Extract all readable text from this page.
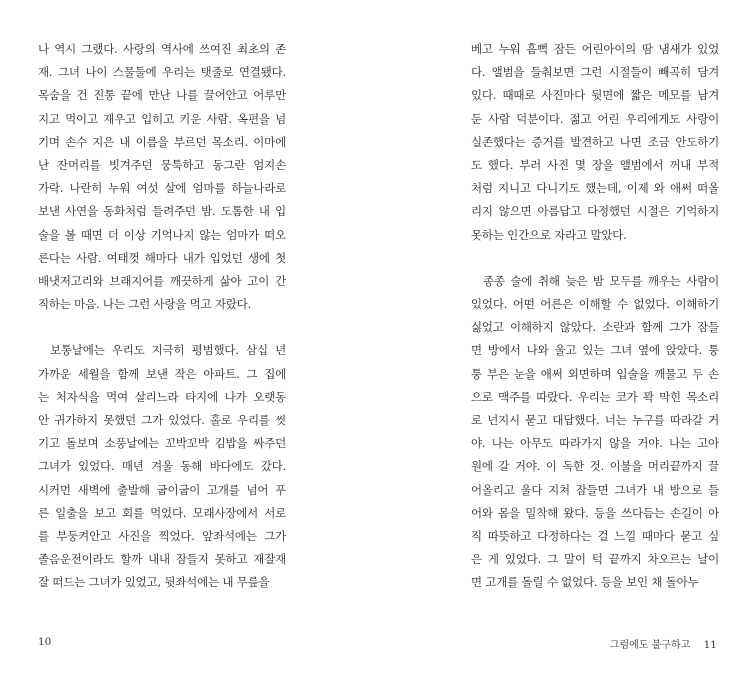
나 역시 그랬다. 사랑의 역사에 쓰여진 최초의 존
재. 그녀 나이 스물둘에 우리는 탯줄로 연결됐다.
목숨을 건 진통 끝에 만난 나를 끌어안고 어루만
지고 먹이고 재우고 입히고 키운 사람. 옥편을 넘
기며 손수 지은 내 이름을 부르던 목소리. 이마에
난 잔머리를 빗겨주던 뭉툭하고 동그란 엄지손
가락. 나란히 누워 여섯 살에 엄마를 하늘나라로
보낸 사연을 동화처럼 들려주던 밤. 도톰한 내 입
술을 볼 때면 더 이상 기억나지 않는 엄마가 떠오
른다는 사람. 여태껏 해마다 내가 입었던 생에 첫
배냇저고리와 브래지어를 깨끗하게 삶아 고이 간
직하는 마음. 나는 그런 사랑을 먹고 자랐다.
보통날에는 우리도 지극히 평범했다. 삼십 년
가까운 세월을 함께 보낸 작은 아파트. 그 집에
는 처자식을 먹여 살리느라 타지에 나가 오랫동
안 귀가하지 못했던 그가 있었다. 홀로 우리를 씻
기고 돌보며 소풍날에는 꼬박꼬박 김밥을 싸주던
그녀가 있었다. 매년 겨울 동해 바다에도 갔다.
시커먼 새벽에 출발해 굽이굽이 고개를 넘어 푸
른 일출을 보고 회를 먹었다. 모래사장에서 서로
를 부둥켜안고 사진을 찍었다. 앞좌석에는 그가
졸음운전이라도 할까 내내 잠들지 못하고 재잘재
잘 떠드는 그녀가 있었고, 뒷좌석에는 내 무릎을
10
베고 누워 흠뻑 잠든 어린아이의 땀 냄새가 있었
다. 앨범을 들춰보면 그런 시절들이 빼곡히 담겨
있다. 때때로 사진마다 뒷면에 짧은 메모를 남겨
둔 사람 덕분이다. 젊고 어린 우리에게도 사랑이
실존했다는 증거를 발견하고 나면 조금 안도하기
도 했다. 부러 사진 몇 장을 앨범에서 꺼내 부적
처럼 지니고 다니기도 했는데, 이제 와 애써 떠올
리지 않으면 아름답고 다정했던 시절은 기억하지
못하는 인간으로 자라고 말았다.
종종 술에 취해 늦은 밤 모두를 깨우는 사람이
있었다. 어떤 어른은 이해할 수 없었다. 이해하기
싫었고 이해하지 않았다. 소란과 함께 그가 잠들
면 방에서 나와 울고 있는 그녀 옆에 앉았다. 퉁
퉁 부은 눈을 애써 외면하며 입술을 깨물고 두 손
으로 맥주를 따랐다. 우리는 코가 꽉 막힌 목소리
로 넌지시 묻고 대답했다. 너는 누구를 따라갈 거
야. 나는 아무도 따라가지 않을 거야. 나는 고아
원에 갈 거야. 이 독한 것. 이불을 머리끝까지 끌
어올리고 울다 지쳐 잠들면 그녀가 내 방으로 들
어와 몸을 밀착해 왔다. 등을 쓰다듬는 손길이 아
직 따뜻하고 다정하다는 걸 느낄 때마다 묻고 싶
은 게 있었다. 그 말이 턱 끝까지 차오르는 날이
면 고개를 돌릴 수 없었다. 등을 보인 채 돌아누
그럼에도 불구하고 11
